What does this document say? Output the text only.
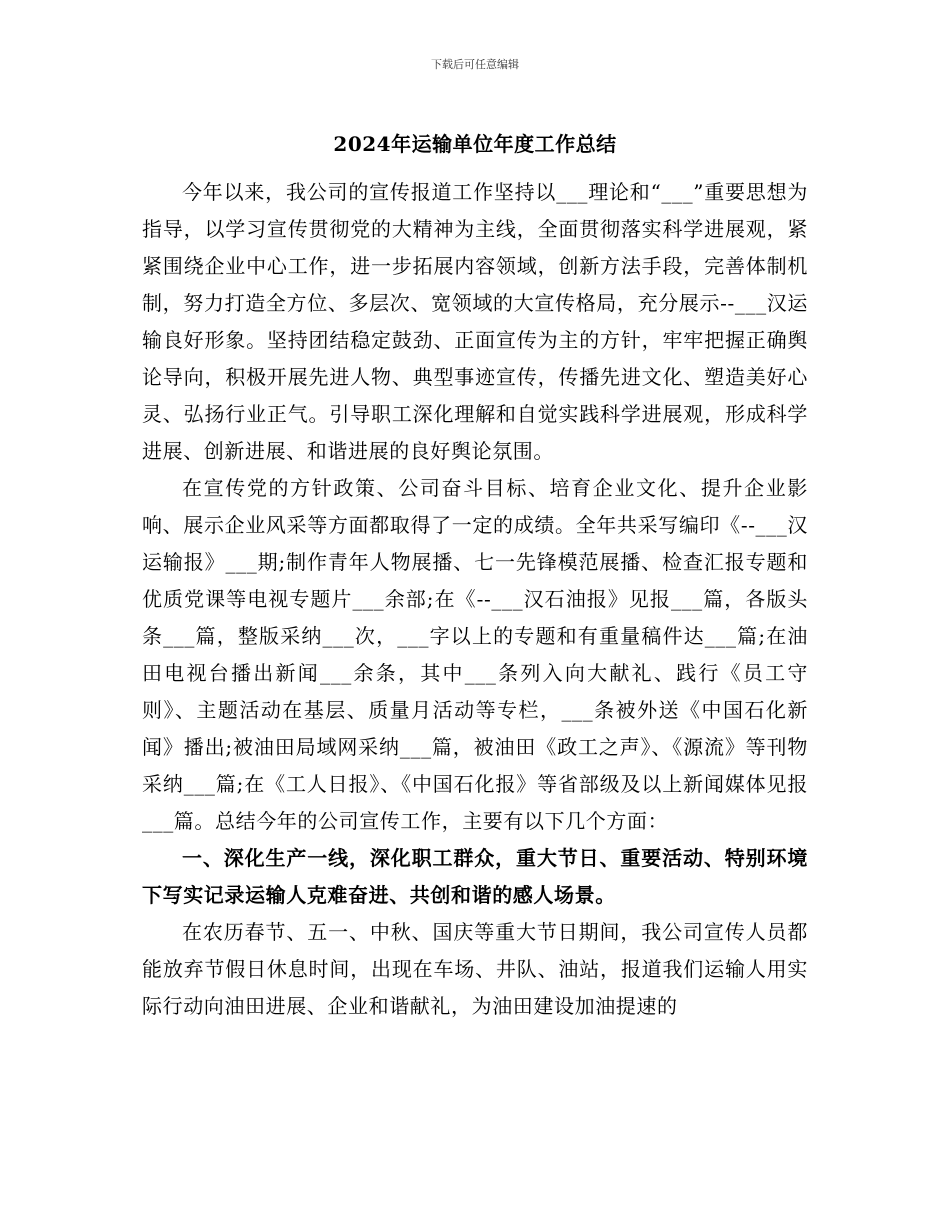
下载后可任意编辑
2024年运输单位年度工作总结

今年以来，我公司的宣传报道工作坚持以___理论和“___”重要思想为指导，以学习宣传贯彻党的大精神为主线，全面贯彻落实科学进展观，紧紧围绕企业中心工作，进一步拓展内容领域，创新方法手段，完善体制机制，努力打造全方位、多层次、宽领域的大宣传格局，充分展示--___汉运输良好形象。坚持团结稳定鼓劲、正面宣传为主的方针，牢牢把握正确舆论导向，积极开展先进人物、典型事迹宣传，传播先进文化、塑造美好心灵、弘扬行业正气。引导职工深化理解和自觉实践科学进展观，形成科学进展、创新进展、和谐进展的良好舆论氛围。

在宣传党的方针政策、公司奋斗目标、培育企业文化、提升企业影响、展示企业风采等方面都取得了一定的成绩。全年共采写编印《--___汉运输报》___期;制作青年人物展播、七一先锋模范展播、检查汇报专题和优质党课等电视专题片___余部;在《--___汉石油报》见报___篇，各版头条___篇，整版采纳___次，___字以上的专题和有重量稿件达___篇;在油田电视台播出新闻___余条，其中___条列入向大献礼、践行《员工守则》、主题活动在基层、质量月活动等专栏，___条被外送《中国石化新闻》播出;被油田局域网采纳___篇，被油田《政工之声》、《源流》等刊物采纳___篇;在《工人日报》、《中国石化报》等省部级及以上新闻媒体见报___篇。总结今年的公司宣传工作，主要有以下几个方面：

一、深化生产一线，深化职工群众，重大节日、重要活动、特别环境下写实记录运输人克难奋进、共创和谐的感人场景。

在农历春节、五一、中秋、国庆等重大节日期间，我公司宣传人员都能放弃节假日休息时间，出现在车场、井队、油站，报道我们运输人用实际行动向油田进展、企业和谐献礼，为油田建设加油提速的
